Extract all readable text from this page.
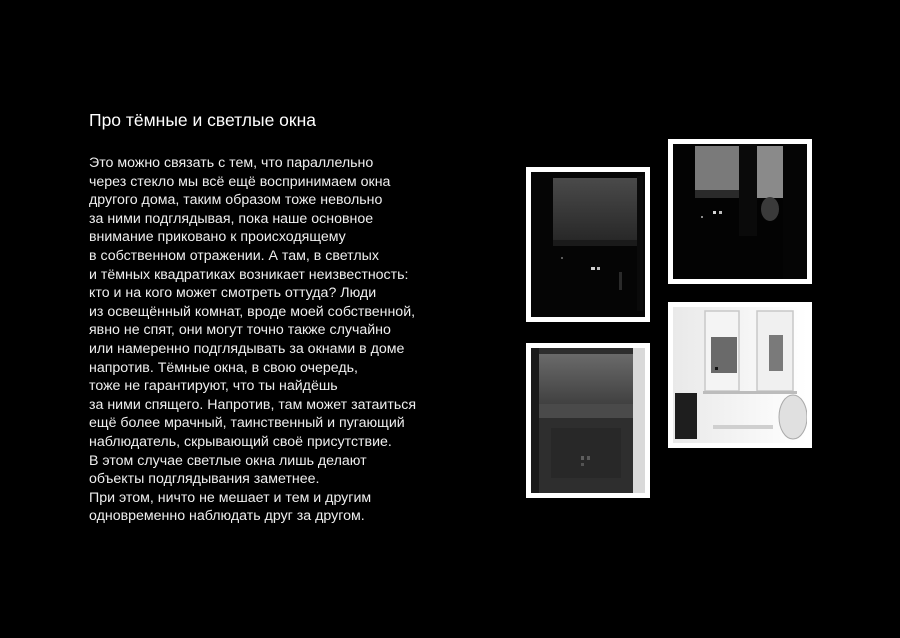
Про тёмные и светлые окна
Это можно связать с тем, что параллельно
через стекло мы всё ещё воспринимаем окна
другого дома, таким образом тоже невольно
за ними подглядывая, пока наше основное
внимание приковано к происходящему
в собственном отражении. А там, в светлых
и тёмных квадратиках возникает неизвестность:
кто и на кого может смотреть оттуда? Люди
из освещённый комнат, вроде моей собственной,
явно не спят, они могут точно также случайно
или намеренно подглядывать за окнами в доме
напротив. Тёмные окна, в свою очередь,
тоже не гарантируют, что ты найдёшь
за ними спящего. Напротив, там может затаиться
ещё более мрачный, таинственный и пугающий
наблюдатель, скрывающий своё присутствие.
В этом случае светлые окна лишь делают
объекты подглядывания заметнее.
При этом, ничто не мешает и тем и другим
одновременно наблюдать друг за другом.
